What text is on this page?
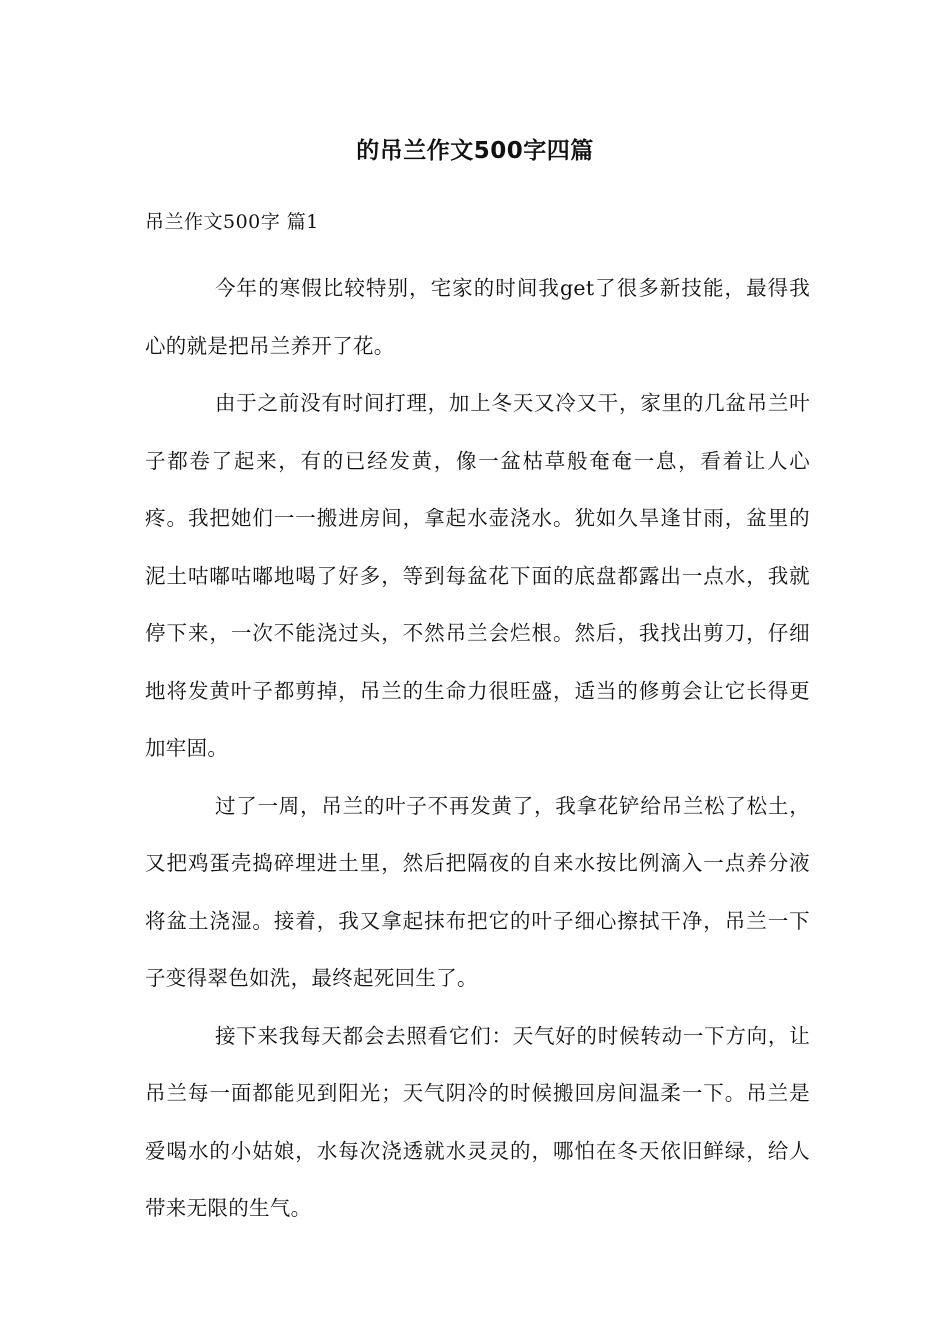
的吊兰作文500字四篇
吊兰作文500字 篇1

今年的寒假比较特别，宅家的时间我get了很多新技能，最得我心的就是把吊兰养开了花。

由于之前没有时间打理，加上冬天又冷又干，家里的几盆吊兰叶子都卷了起来，有的已经发黄，像一盆枯草般奄奄一息，看着让人心疼。我把她们一一搬进房间，拿起水壶浇水。犹如久旱逢甘雨，盆里的泥土咕嘟咕嘟地喝了好多，等到每盆花下面的底盘都露出一点水，我就停下来，一次不能浇过头，不然吊兰会烂根。然后，我找出剪刀，仔细地将发黄叶子都剪掉，吊兰的生命力很旺盛，适当的修剪会让它长得更加牢固。

过了一周，吊兰的叶子不再发黄了，我拿花铲给吊兰松了松土，又把鸡蛋壳捣碎埋进土里，然后把隔夜的自来水按比例滴入一点养分液将盆土浇湿。接着，我又拿起抹布把它的叶子细心擦拭干净，吊兰一下子变得翠色如洗，最终起死回生了。

接下来我每天都会去照看它们：天气好的时候转动一下方向，让吊兰每一面都能见到阳光；天气阴冷的时候搬回房间温柔一下。吊兰是爱喝水的小姑娘，水每次浇透就水灵灵的，哪怕在冬天依旧鲜绿，给人带来无限的生气。
